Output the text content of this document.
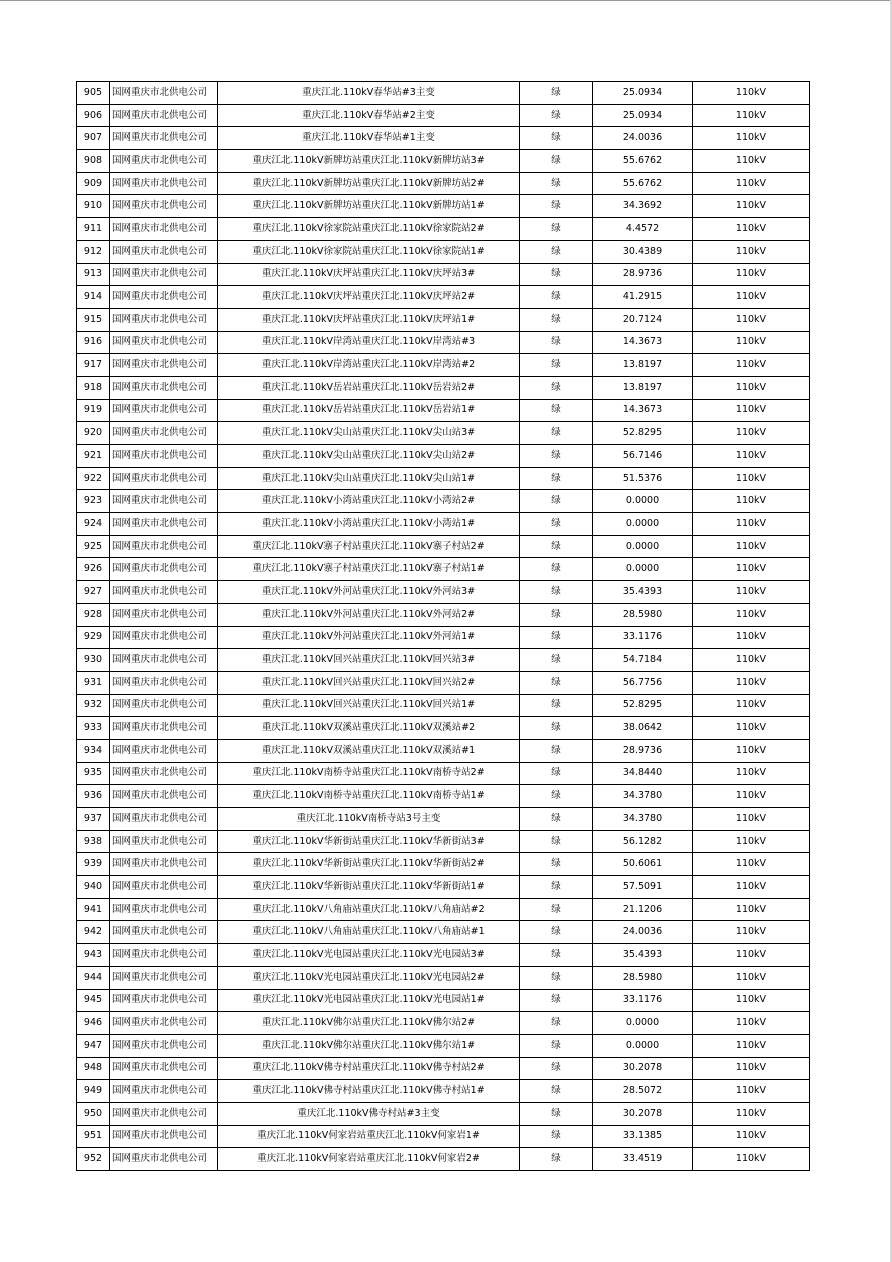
905	国网重庆市北供电公司	重庆江北.110kV春华站#3主变	绿	25.0934	110kV
906	国网重庆市北供电公司	重庆江北.110kV春华站#2主变	绿	25.0934	110kV
907	国网重庆市北供电公司	重庆江北.110kV春华站#1主变	绿	24.0036	110kV
908	国网重庆市北供电公司	重庆江北.110kV新牌坊站重庆江北.110kV新牌坊站3#	绿	55.6762	110kV
909	国网重庆市北供电公司	重庆江北.110kV新牌坊站重庆江北.110kV新牌坊站2#	绿	55.6762	110kV
910	国网重庆市北供电公司	重庆江北.110kV新牌坊站重庆江北.110kV新牌坊站1#	绿	34.3692	110kV
911	国网重庆市北供电公司	重庆江北.110kV徐家院站重庆江北.110kV徐家院站2#	绿	4.4572	110kV
912	国网重庆市北供电公司	重庆江北.110kV徐家院站重庆江北.110kV徐家院站1#	绿	30.4389	110kV
913	国网重庆市北供电公司	重庆江北.110kV庆坪站重庆江北.110kV庆坪站3#	绿	28.9736	110kV
914	国网重庆市北供电公司	重庆江北.110kV庆坪站重庆江北.110kV庆坪站2#	绿	41.2915	110kV
915	国网重庆市北供电公司	重庆江北.110kV庆坪站重庆江北.110kV庆坪站1#	绿	20.7124	110kV
916	国网重庆市北供电公司	重庆江北.110kV岸湾站重庆江北.110kV岸湾站#3	绿	14.3673	110kV
917	国网重庆市北供电公司	重庆江北.110kV岸湾站重庆江北.110kV岸湾站#2	绿	13.8197	110kV
918	国网重庆市北供电公司	重庆江北.110kV岳岩站重庆江北.110kV岳岩站2#	绿	13.8197	110kV
919	国网重庆市北供电公司	重庆江北.110kV岳岩站重庆江北.110kV岳岩站1#	绿	14.3673	110kV
920	国网重庆市北供电公司	重庆江北.110kV尖山站重庆江北.110kV尖山站3#	绿	52.8295	110kV
921	国网重庆市北供电公司	重庆江北.110kV尖山站重庆江北.110kV尖山站2#	绿	56.7146	110kV
922	国网重庆市北供电公司	重庆江北.110kV尖山站重庆江北.110kV尖山站1#	绿	51.5376	110kV
923	国网重庆市北供电公司	重庆江北.110kV小湾站重庆江北.110kV小湾站2#	绿	0.0000	110kV
924	国网重庆市北供电公司	重庆江北.110kV小湾站重庆江北.110kV小湾站1#	绿	0.0000	110kV
925	国网重庆市北供电公司	重庆江北.110kV寨子村站重庆江北.110kV寨子村站2#	绿	0.0000	110kV
926	国网重庆市北供电公司	重庆江北.110kV寨子村站重庆江北.110kV寨子村站1#	绿	0.0000	110kV
927	国网重庆市北供电公司	重庆江北.110kV外河站重庆江北.110kV外河站3#	绿	35.4393	110kV
928	国网重庆市北供电公司	重庆江北.110kV外河站重庆江北.110kV外河站2#	绿	28.5980	110kV
929	国网重庆市北供电公司	重庆江北.110kV外河站重庆江北.110kV外河站1#	绿	33.1176	110kV
930	国网重庆市北供电公司	重庆江北.110kV回兴站重庆江北.110kV回兴站3#	绿	54.7184	110kV
931	国网重庆市北供电公司	重庆江北.110kV回兴站重庆江北.110kV回兴站2#	绿	56.7756	110kV
932	国网重庆市北供电公司	重庆江北.110kV回兴站重庆江北.110kV回兴站1#	绿	52.8295	110kV
933	国网重庆市北供电公司	重庆江北.110kV双溪站重庆江北.110kV双溪站#2	绿	38.0642	110kV
934	国网重庆市北供电公司	重庆江北.110kV双溪站重庆江北.110kV双溪站#1	绿	28.9736	110kV
935	国网重庆市北供电公司	重庆江北.110kV南桥寺站重庆江北.110kV南桥寺站2#	绿	34.8440	110kV
936	国网重庆市北供电公司	重庆江北.110kV南桥寺站重庆江北.110kV南桥寺站1#	绿	34.3780	110kV
937	国网重庆市北供电公司	重庆江北.110kV南桥寺站3号主变	绿	34.3780	110kV
938	国网重庆市北供电公司	重庆江北.110kV华新街站重庆江北.110kV华新街站3#	绿	56.1282	110kV
939	国网重庆市北供电公司	重庆江北.110kV华新街站重庆江北.110kV华新街站2#	绿	50.6061	110kV
940	国网重庆市北供电公司	重庆江北.110kV华新街站重庆江北.110kV华新街站1#	绿	57.5091	110kV
941	国网重庆市北供电公司	重庆江北.110kV八角庙站重庆江北.110kV八角庙站#2	绿	21.1206	110kV
942	国网重庆市北供电公司	重庆江北.110kV八角庙站重庆江北.110kV八角庙站#1	绿	24.0036	110kV
943	国网重庆市北供电公司	重庆江北.110kV光电园站重庆江北.110kV光电园站3#	绿	35.4393	110kV
944	国网重庆市北供电公司	重庆江北.110kV光电园站重庆江北.110kV光电园站2#	绿	28.5980	110kV
945	国网重庆市北供电公司	重庆江北.110kV光电园站重庆江北.110kV光电园站1#	绿	33.1176	110kV
946	国网重庆市北供电公司	重庆江北.110kV佛尔站重庆江北.110kV佛尔站2#	绿	0.0000	110kV
947	国网重庆市北供电公司	重庆江北.110kV佛尔站重庆江北.110kV佛尔站1#	绿	0.0000	110kV
948	国网重庆市北供电公司	重庆江北.110kV佛寺村站重庆江北.110kV佛寺村站2#	绿	30.2078	110kV
949	国网重庆市北供电公司	重庆江北.110kV佛寺村站重庆江北.110kV佛寺村站1#	绿	28.5072	110kV
950	国网重庆市北供电公司	重庆江北.110kV佛寺村站#3主变	绿	30.2078	110kV
951	国网重庆市北供电公司	重庆江北.110kV何家岩站重庆江北.110kV何家岩1#	绿	33.1385	110kV
952	国网重庆市北供电公司	重庆江北.110kV何家岩站重庆江北.110kV何家岩2#	绿	33.4519	110kV
